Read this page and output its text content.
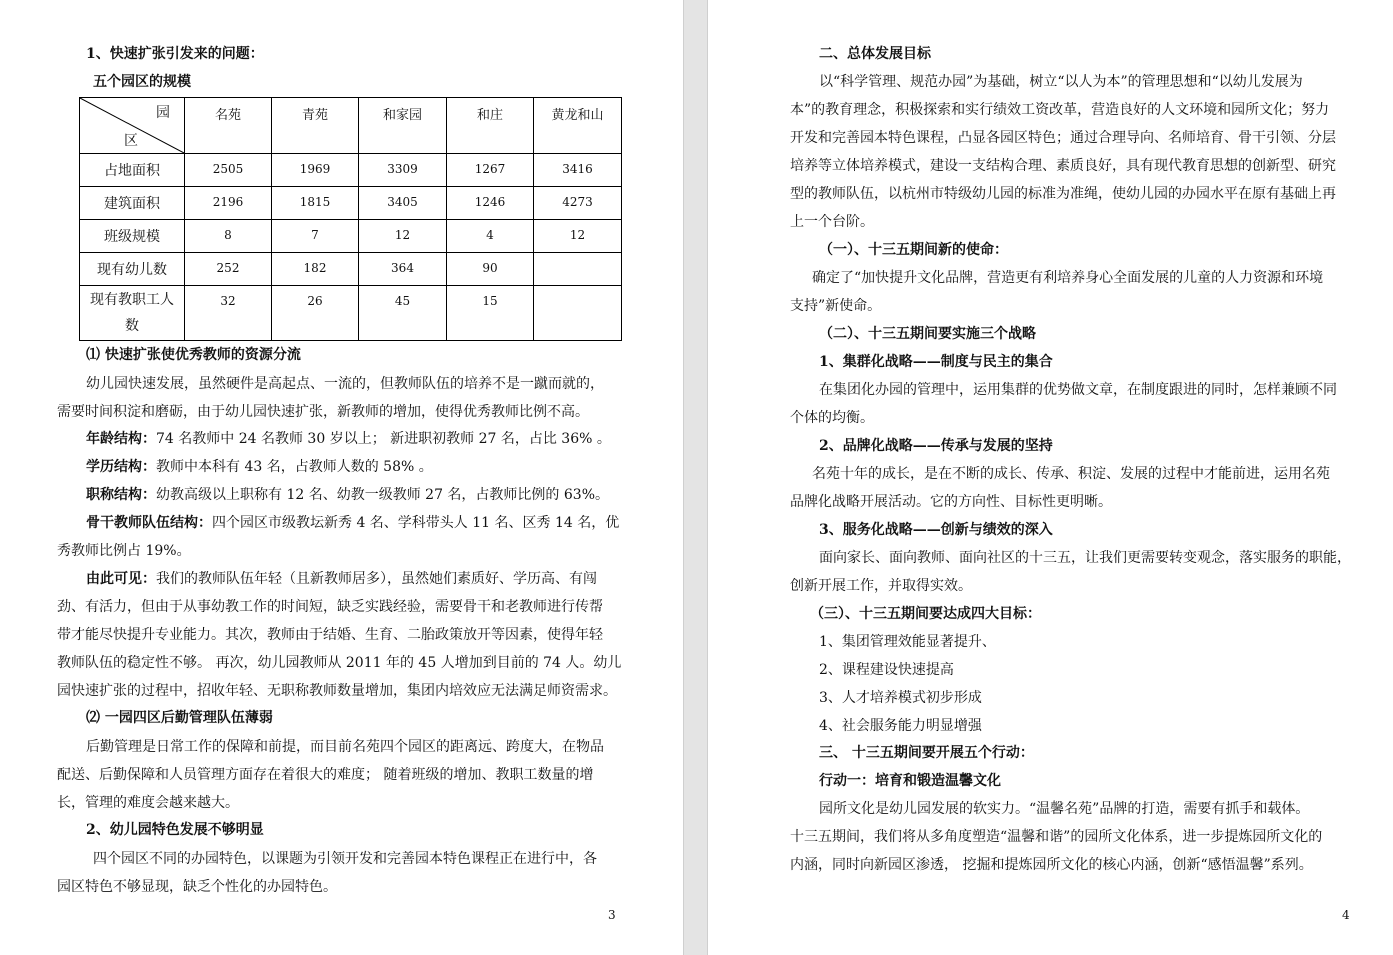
1、快速扩张引发来的问题：
五个园区的规模
园
区	名苑	青苑	和家园	和庄	黄龙和山
占地面积	2505	1969	3309	1267	3416
建筑面积	2196	1815	3405	1246	4273
班级规模	8	7	12	4	12
现有幼儿数	252	182	364	90	

现有教职工人
数	32	26	45	15	
⑴ 快速扩张使优秀教师的资源分流
幼儿园快速发展，虽然硬件是高起点、一流的，但教师队伍的培养不是一蹴而就的，
需要时间积淀和磨砺，由于幼儿园快速扩张，新教师的增加，使得优秀教师比例不高。
年龄结构：74 名教师中 24 名教师 30 岁以上； 新进职初教师 27 名，占比 36% 。
学历结构：教师中本科有 43 名，占教师人数的 58% 。
职称结构：幼教高级以上职称有 12 名、幼教一级教师 27 名，占教师比例的 63%。
骨干教师队伍结构：四个园区市级教坛新秀 4 名、学科带头人 11 名、区秀 14 名，优
秀教师比例占 19%。
由此可见：我们的教师队伍年轻（且新教师居多），虽然她们素质好、学历高、有闯
劲、有活力，但由于从事幼教工作的时间短，缺乏实践经验，需要骨干和老教师进行传帮
带才能尽快提升专业能力。其次，教师由于结婚、生育、二胎政策放开等因素，使得年轻
教师队伍的稳定性不够。 再次，幼儿园教师从 2011 年的 45 人增加到目前的 74 人。幼儿
园快速扩张的过程中，招收年轻、无职称教师数量增加，集团内培效应无法满足师资需求。
⑵ 一园四区后勤管理队伍薄弱
后勤管理是日常工作的保障和前提，而目前名苑四个园区的距离远、跨度大，在物品
配送、后勤保障和人员管理方面存在着很大的难度； 随着班级的增加、教职工数量的增
长，管理的难度会越来越大。
2、幼儿园特色发展不够明显
四个园区不同的办园特色，以课题为引领开发和完善园本特色课程正在进行中，各
园区特色不够显现，缺乏个性化的办园特色。
3
二、总体发展目标
以“科学管理、规范办园”为基础，树立“以人为本”的管理思想和“以幼儿发展为
本”的教育理念，积极探索和实行绩效工资改革，营造良好的人文环境和园所文化；努力
开发和完善园本特色课程，凸显各园区特色；通过合理导向、名师培育、骨干引领、分层
培养等立体培养模式，建设一支结构合理、素质良好，具有现代教育思想的创新型、研究
型的教师队伍，以杭州市特级幼儿园的标准为准绳，使幼儿园的办园水平在原有基础上再
上一个台阶。
（一）、十三五期间新的使命：
确定了“加快提升文化品牌，营造更有利培养身心全面发展的儿童的人力资源和环境
支持”新使命。
（二）、十三五期间要实施三个战略
1、集群化战略——制度与民主的集合
在集团化办园的管理中，运用集群的优势做文章，在制度跟进的同时，怎样兼顾不同
个体的均衡。
2、品牌化战略——传承与发展的坚持
名苑十年的成长，是在不断的成长、传承、积淀、发展的过程中才能前进，运用名苑
品牌化战略开展活动。它的方向性、目标性更明晰。
3、服务化战略——创新与绩效的深入
面向家长、面向教师、面向社区的十三五，让我们更需要转变观念，落实服务的职能，
创新开展工作，并取得实效。
（三）、十三五期间要达成四大目标：
1、集团管理效能显著提升、
2、课程建设快速提高
3、人才培养模式初步形成
4、社会服务能力明显增强
三、 十三五期间要开展五个行动：
行动一：培育和锻造温馨文化
园所文化是幼儿园发展的软实力。“温馨名苑”品牌的打造，需要有抓手和载体。
十三五期间，我们将从多角度塑造“温馨和谐”的园所文化体系，进一步提炼园所文化的
内涵，同时向新园区渗透， 挖掘和提炼园所文化的核心内涵，创新“感悟温馨”系列。
4
